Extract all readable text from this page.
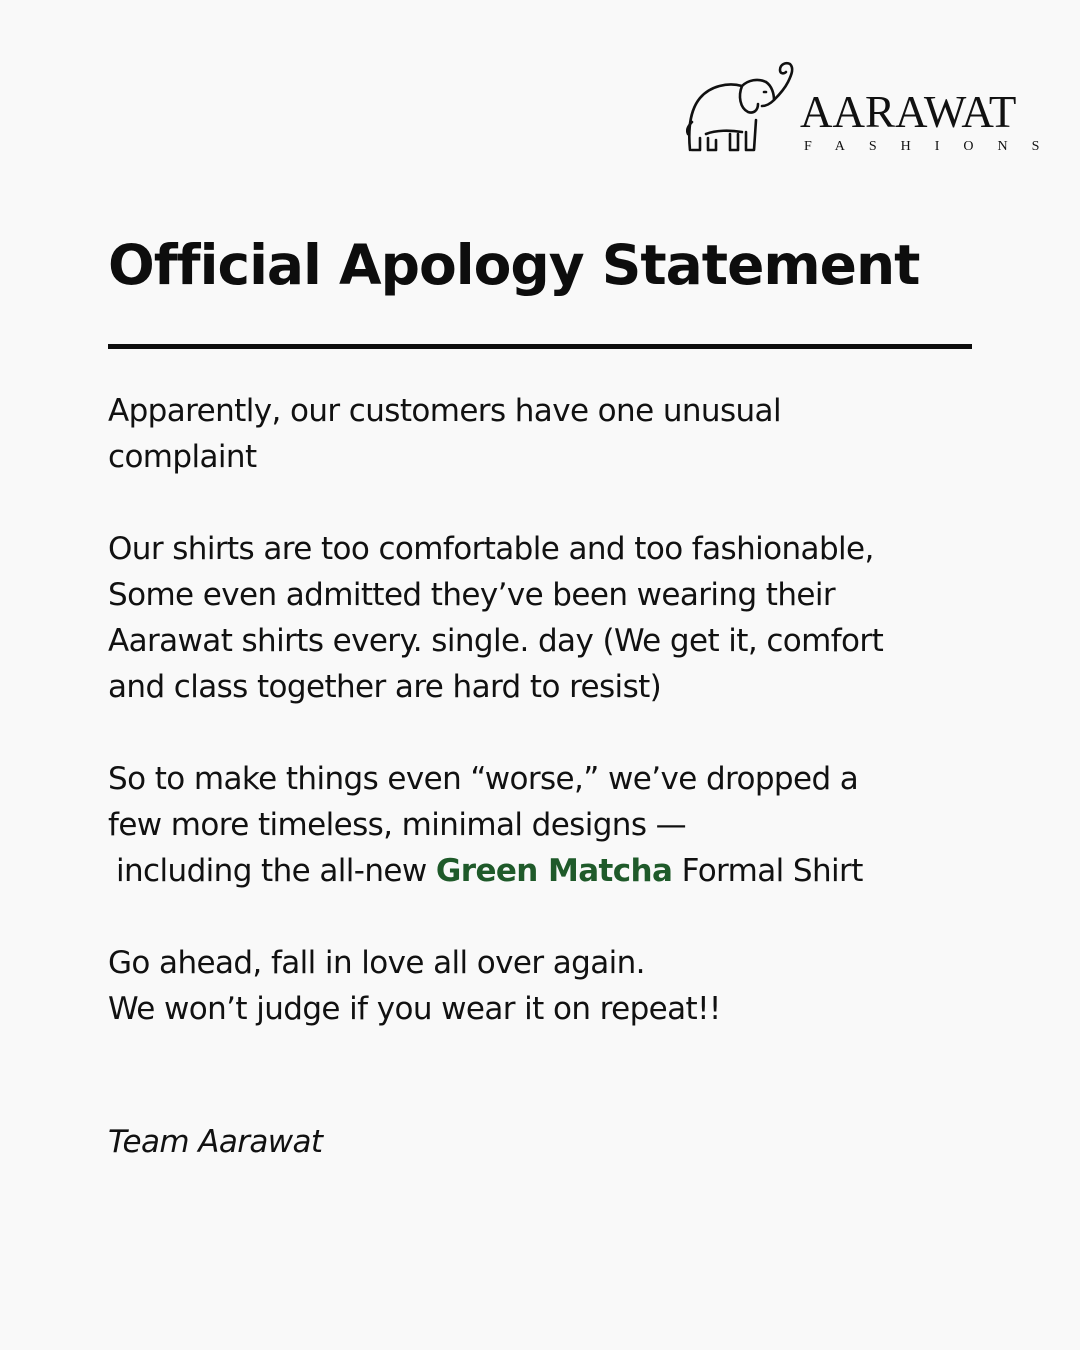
AARAWAT
FASHIONS
Official Apology Statement

Apparently, our customers have one unusual
complaint

Our shirts are too comfortable and too fashionable,
Some even admitted they’ve been wearing their
Aarawat shirts every. single. day (We get it, comfort
and class together are hard to resist)

So to make things even “worse,” we’ve dropped a
few more timeless, minimal designs —
including the all-new Green Matcha Formal Shirt

Go ahead, fall in love all over again.
We won’t judge if you wear it on repeat!!

Team Aarawat
